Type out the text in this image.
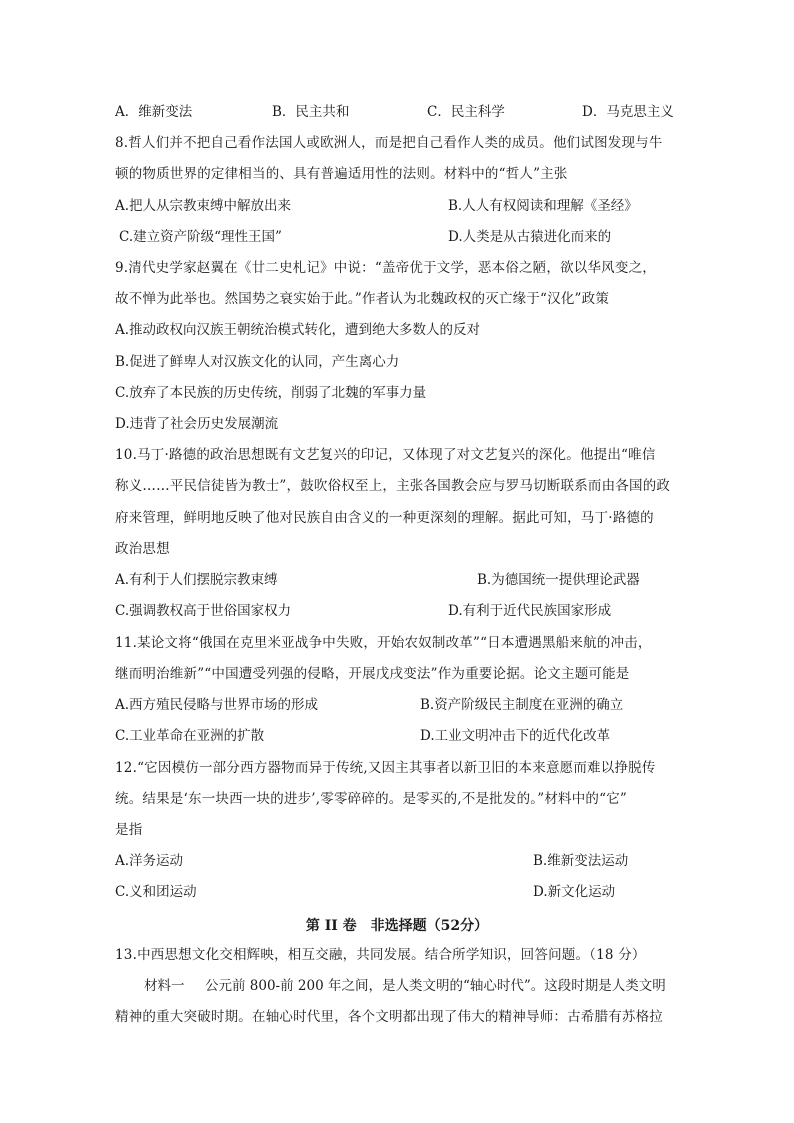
A．维新变法	B．民主共和	C．民主科学	D．马克思主义
8.哲人们并不把自己看作法国人或欧洲人，而是把自己看作人类的成员。他们试图发现与牛
顿的物质世界的定律相当的、具有普遍适用性的法则。材料中的“哲人”主张
A.把人从宗教束缚中解放出来	B.人人有权阅读和理解《圣经》
C.建立资产阶级“理性王国”	D.人类是从古猿进化而来的
9.清代史学家赵翼在《廿二史札记》中说：“盖帝优于文学，恶本俗之陋，欲以华风变之，
故不惮为此举也。然国势之衰实始于此。”作者认为北魏政权的灭亡缘于“汉化”政策
A.推动政权向汉族王朝统治模式转化，遭到绝大多数人的反对
B.促进了鲜卑人对汉族文化的认同，产生离心力
C.放弃了本民族的历史传统，削弱了北魏的军事力量
D.违背了社会历史发展潮流
10.马丁·路德的政治思想既有文艺复兴的印记，又体现了对文艺复兴的深化。他提出“唯信
称义……平民信徒皆为教士”，鼓吹俗权至上，主张各国教会应与罗马切断联系而由各国的政
府来管理，鲜明地反映了他对民族自由含义的一种更深刻的理解。据此可知，马丁·路德的
政治思想
A.有利于人们摆脱宗教束缚	B.为德国统一提供理论武器
C.强调教权高于世俗国家权力	D.有利于近代民族国家形成
11.某论文将“俄国在克里米亚战争中失败，开始农奴制改革”“日本遭遇黑船来航的冲击，
继而明治维新”“中国遭受列强的侵略，开展戊戌变法”作为重要论据。论文主题可能是
A.西方殖民侵略与世界市场的形成	B.资产阶级民主制度在亚洲的确立
C.工业革命在亚洲的扩散	D.工业文明冲击下的近代化改革
12.“它因模仿一部分西方器物而异于传统,又因主其事者以新卫旧的本来意愿而难以挣脱传
统。结果是‘东一块西一块的进步’,零零碎碎的。是零买的,不是批发的。”材料中的“它”
是指
A.洋务运动	B.维新变法运动
C.义和团运动	D.新文化运动
第 II 卷　非选择题（52分）
13.中西思想文化交相辉映，相互交融，共同发展。结合所学知识，回答问题。（18 分）
材料一 公元前 800-前 200 年之间，是人类文明的“轴心时代”。这段时期是人类文明
精神的重大突破时期。在轴心时代里，各个文明都出现了伟大的精神导师：古希腊有苏格拉
